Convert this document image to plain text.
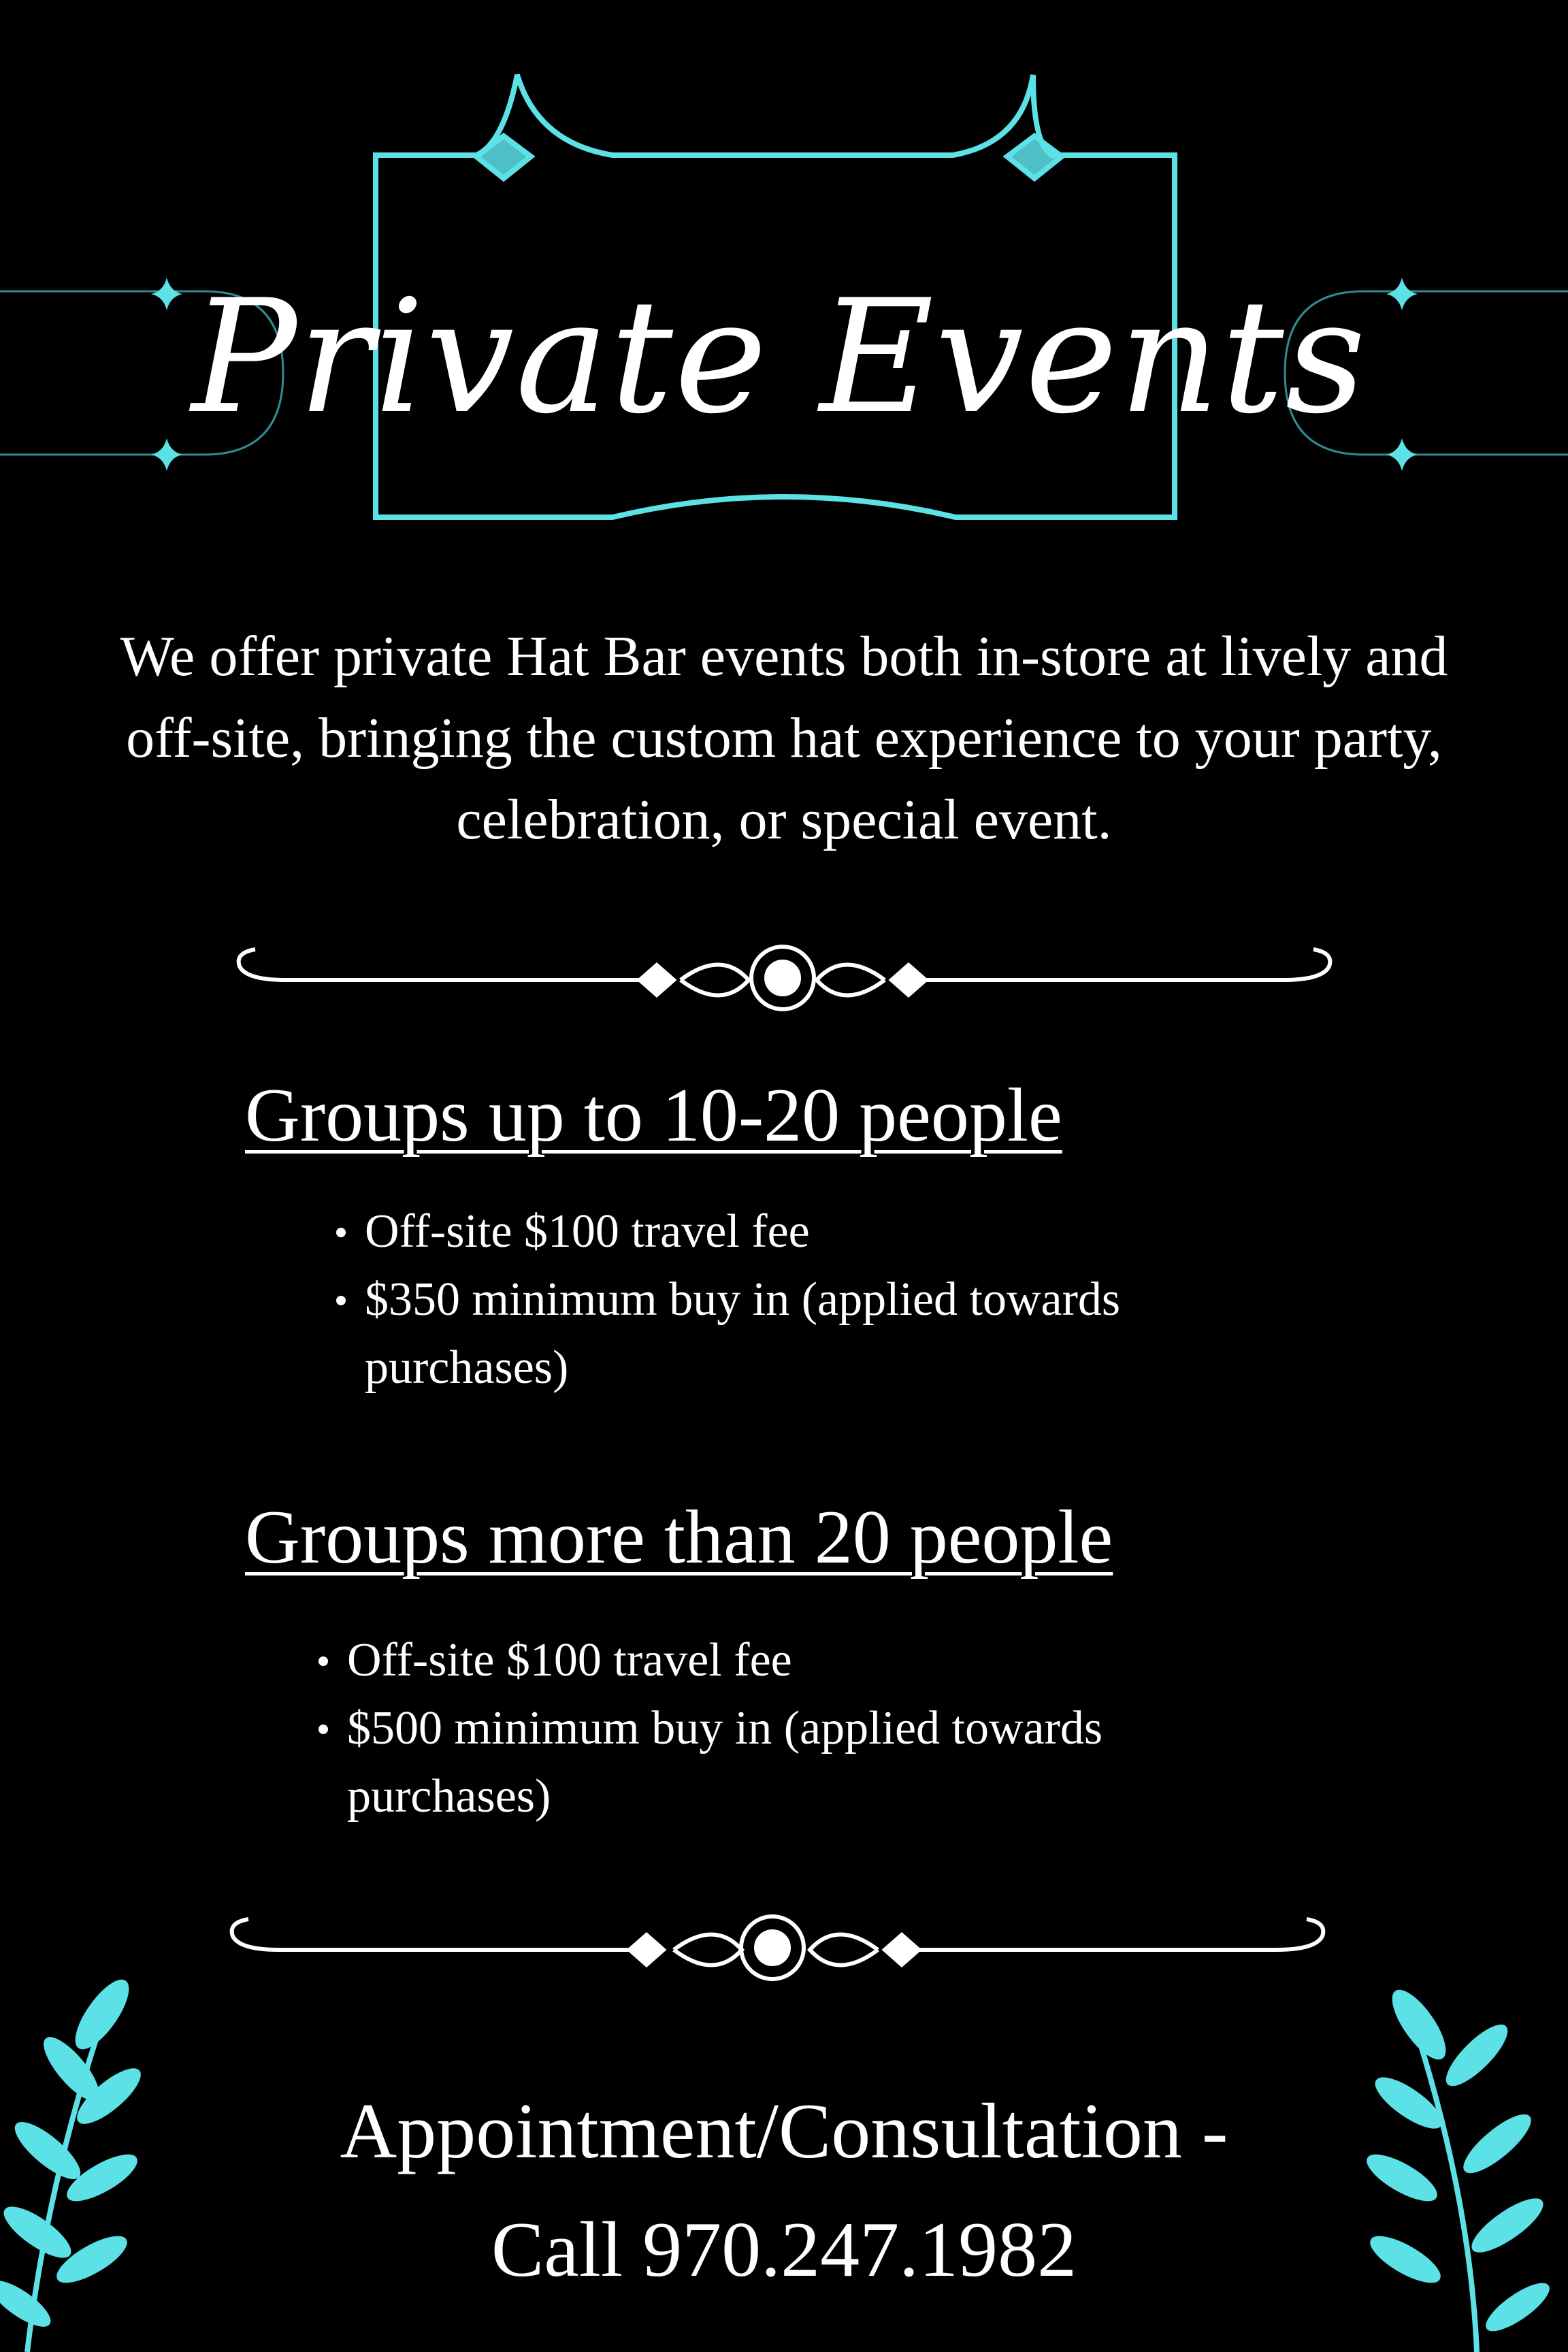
Private Events
We offer private Hat Bar events both in-store at lively and off-site, bringing the custom hat experience to your party, celebration, or special event.
Groups up to 10-20 people
Off-site $100 travel fee
$350 minimum buy in (applied towards purchases)
Groups more than 20 people
Off-site $100 travel fee
$500 minimum buy in (applied towards purchases)
Appointment/Consultation -
Call 970.247.1982
